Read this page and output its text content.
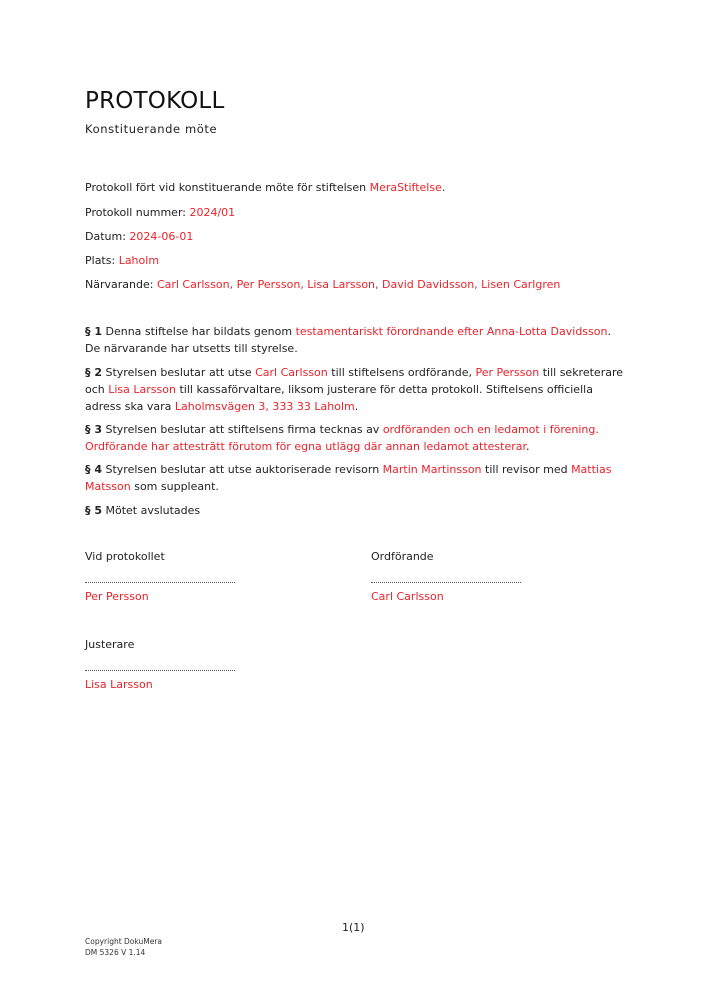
PROTOKOLL
Konstituerande möte
Protokoll fört vid konstituerande möte för stiftelsen MeraStiftelse.
Protokoll nummer: 2024/01
Datum: 2024-06-01
Plats: Laholm
Närvarande: Carl Carlsson, Per Persson, Lisa Larsson, David Davidsson, Lisen Carlgren
§ 1 Denna stiftelse har bildats genom testamentariskt förordnande efter Anna-Lotta Davidsson. De närvarande har utsetts till styrelse.
§ 2 Styrelsen beslutar att utse Carl Carlsson till stiftelsens ordförande, Per Persson till sekreterare och Lisa Larsson till kassaförvaltare, liksom justerare för detta protokoll. Stiftelsens officiella adress ska vara Laholmsvägen 3, 333 33 Laholm.
§ 3 Styrelsen beslutar att stiftelsens firma tecknas av ordföranden och en ledamot i förening. Ordförande har attesträtt förutom för egna utlägg där annan ledamot attesterar.
§ 4 Styrelsen beslutar att utse auktoriserade revisorn Martin Martinsson till revisor med Mattias Matsson som suppleant.
§ 5 Mötet avslutades
Vid protokollet
Per Persson
Ordförande
Carl Carlsson
Justerare
Lisa Larsson
1(1)
Copyright DokuMera
DM 5326 V 1.14
